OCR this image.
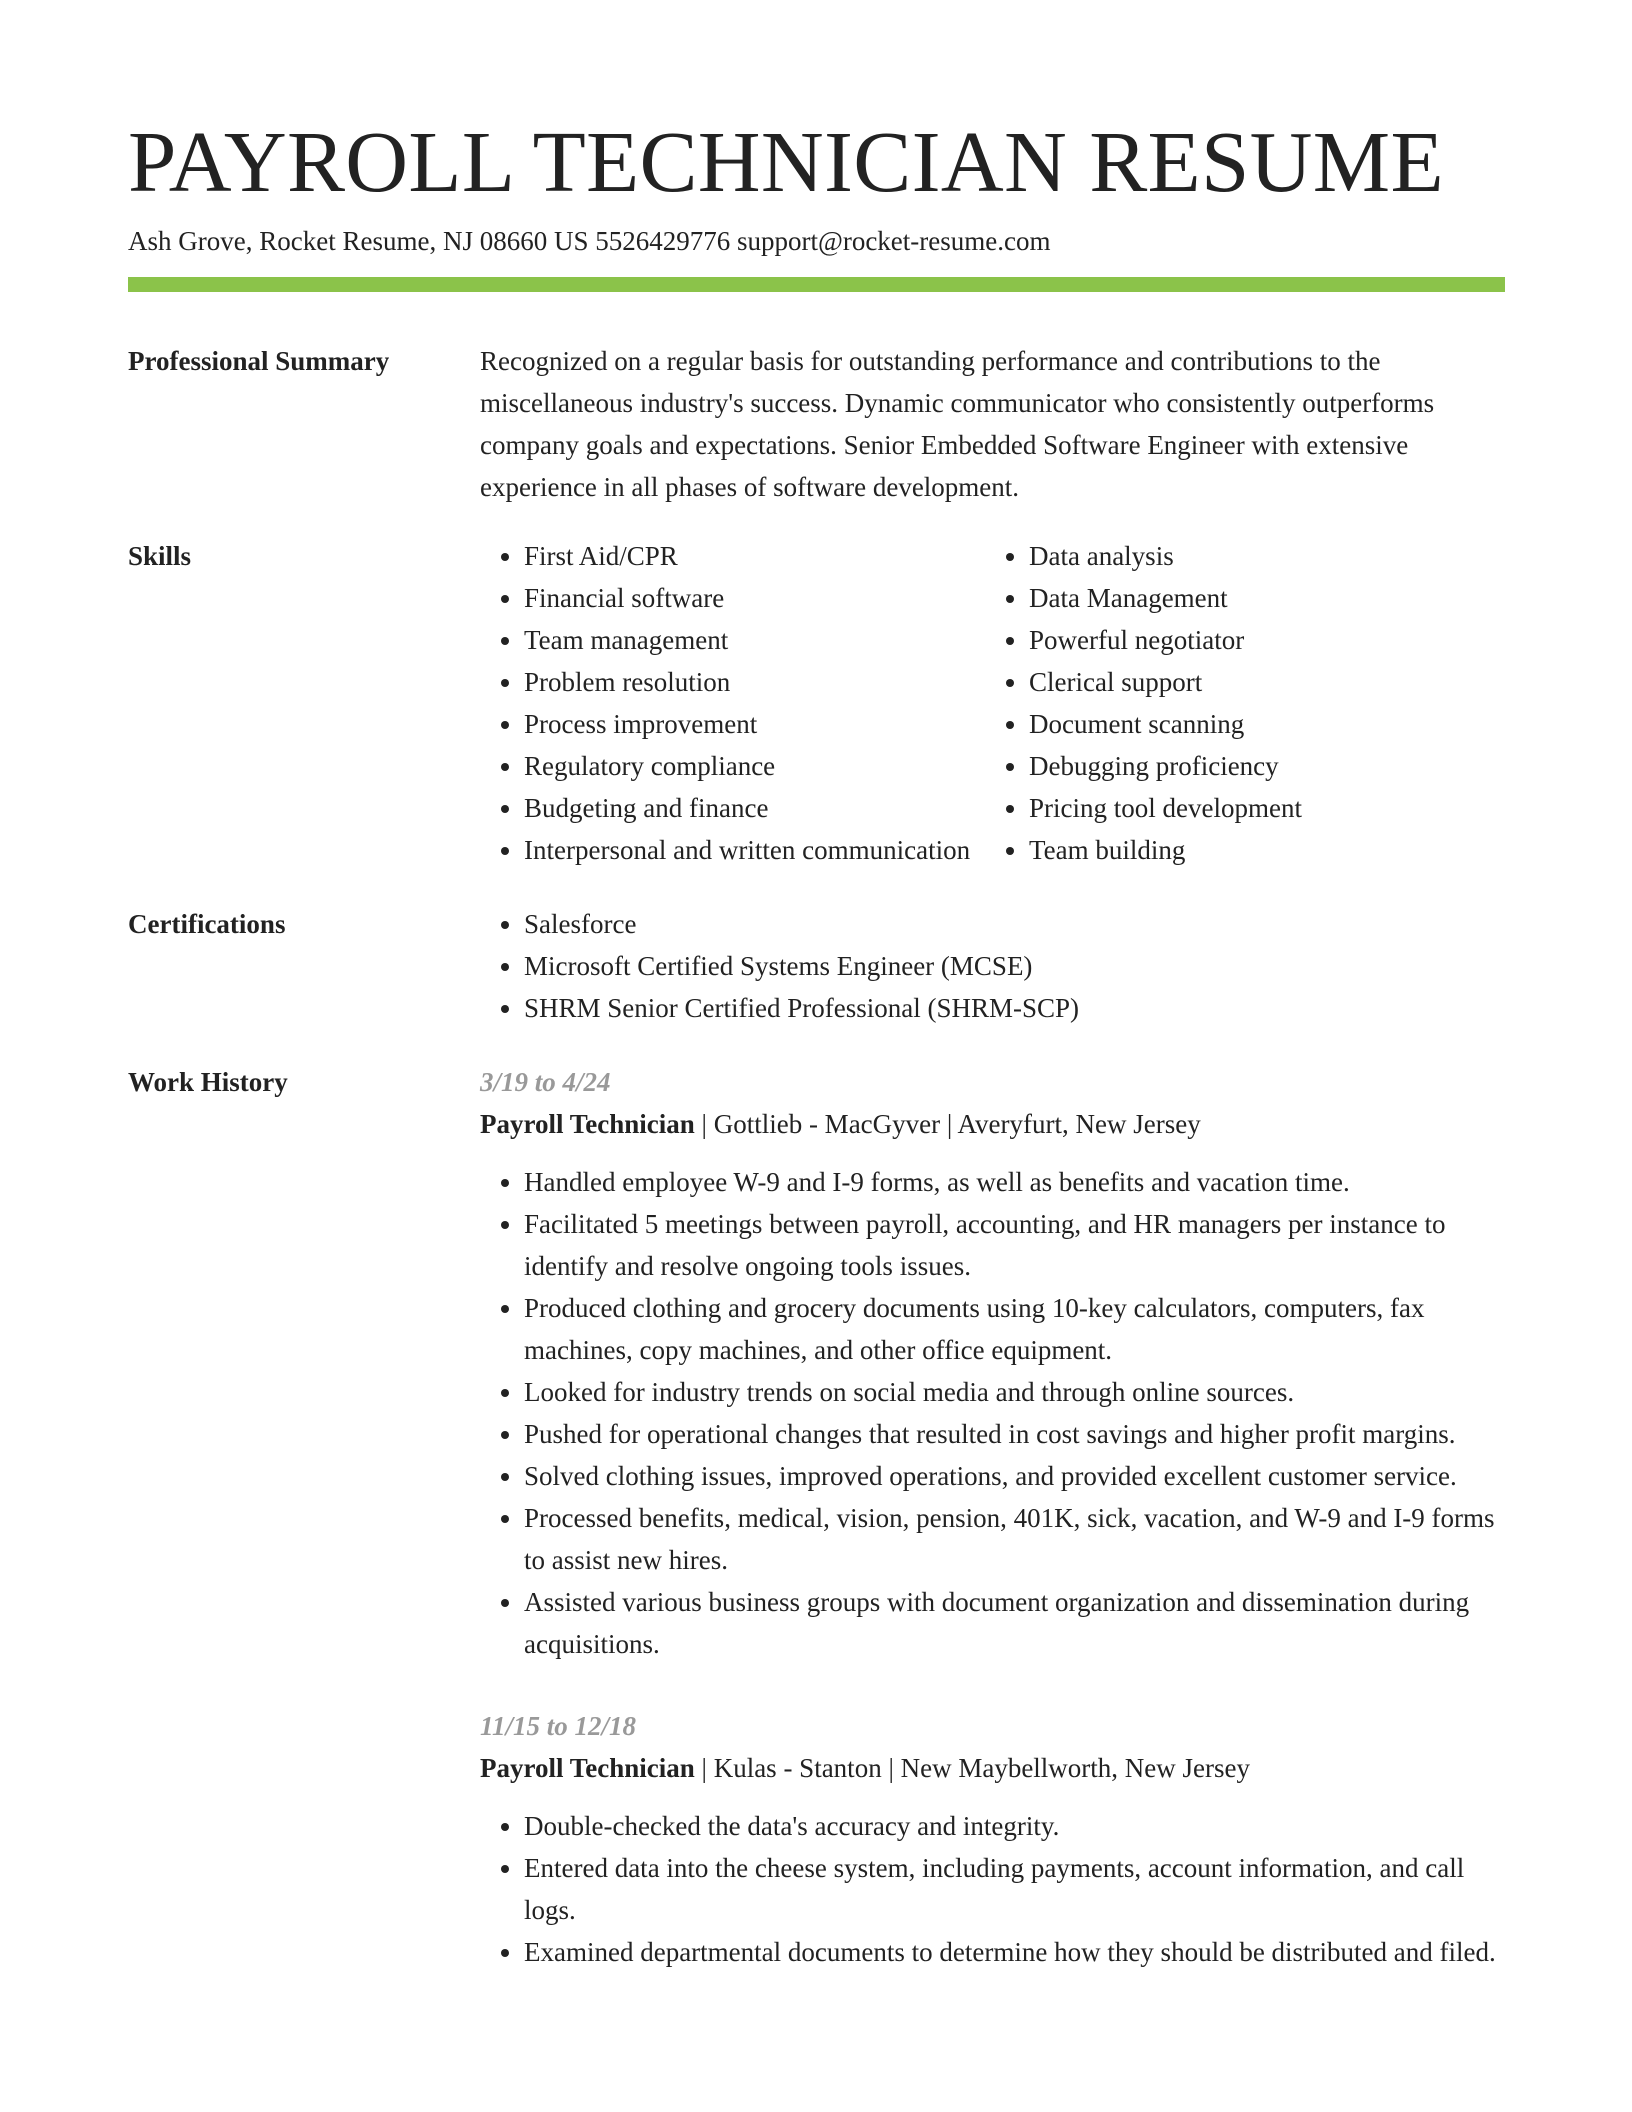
PAYROLL TECHNICIAN RESUME
Ash Grove, Rocket Resume, NJ 08660 US 5526429776 support@rocket-resume.com
Professional Summary	Recognized on a regular basis for outstanding performance and contributions to the miscellaneous industry's success. Dynamic communicator who consistently outperforms company goals and expectations. Senior Embedded Software Engineer with extensive experience in all phases of software development.

Skills	• First Aid/CPR
• Financial software
• Team management
• Problem resolution
• Process improvement
• Regulatory compliance
• Budgeting and finance
• Interpersonal and written communication
• Data analysis
• Data Management
• Powerful negotiator
• Clerical support
• Document scanning
• Debugging proficiency
• Pricing tool development
• Team building
Certifications	• Salesforce
• Microsoft Certified Systems Engineer (MCSE)
• SHRM Senior Certified Professional (SHRM-SCP)
Work History	3/19 to 4/24
Payroll Technician | Gottlieb - MacGyver | Averyfurt, New Jersey
• Handled employee W-9 and I-9 forms, as well as benefits and vacation time.
• Facilitated 5 meetings between payroll, accounting, and HR managers per instance to identify and resolve ongoing tools issues.
• Produced clothing and grocery documents using 10-key calculators, computers, fax machines, copy machines, and other office equipment.
• Looked for industry trends on social media and through online sources.
• Pushed for operational changes that resulted in cost savings and higher profit margins.
• Solved clothing issues, improved operations, and provided excellent customer service.
• Processed benefits, medical, vision, pension, 401K, sick, vacation, and W-9 and I-9 forms to assist new hires.
• Assisted various business groups with document organization and dissemination during acquisitions.
11/15 to 12/18
Payroll Technician | Kulas - Stanton | New Maybellworth, New Jersey
• Double-checked the data's accuracy and integrity.
• Entered data into the cheese system, including payments, account information, and call logs.
• Examined departmental documents to determine how they should be distributed and filed.
